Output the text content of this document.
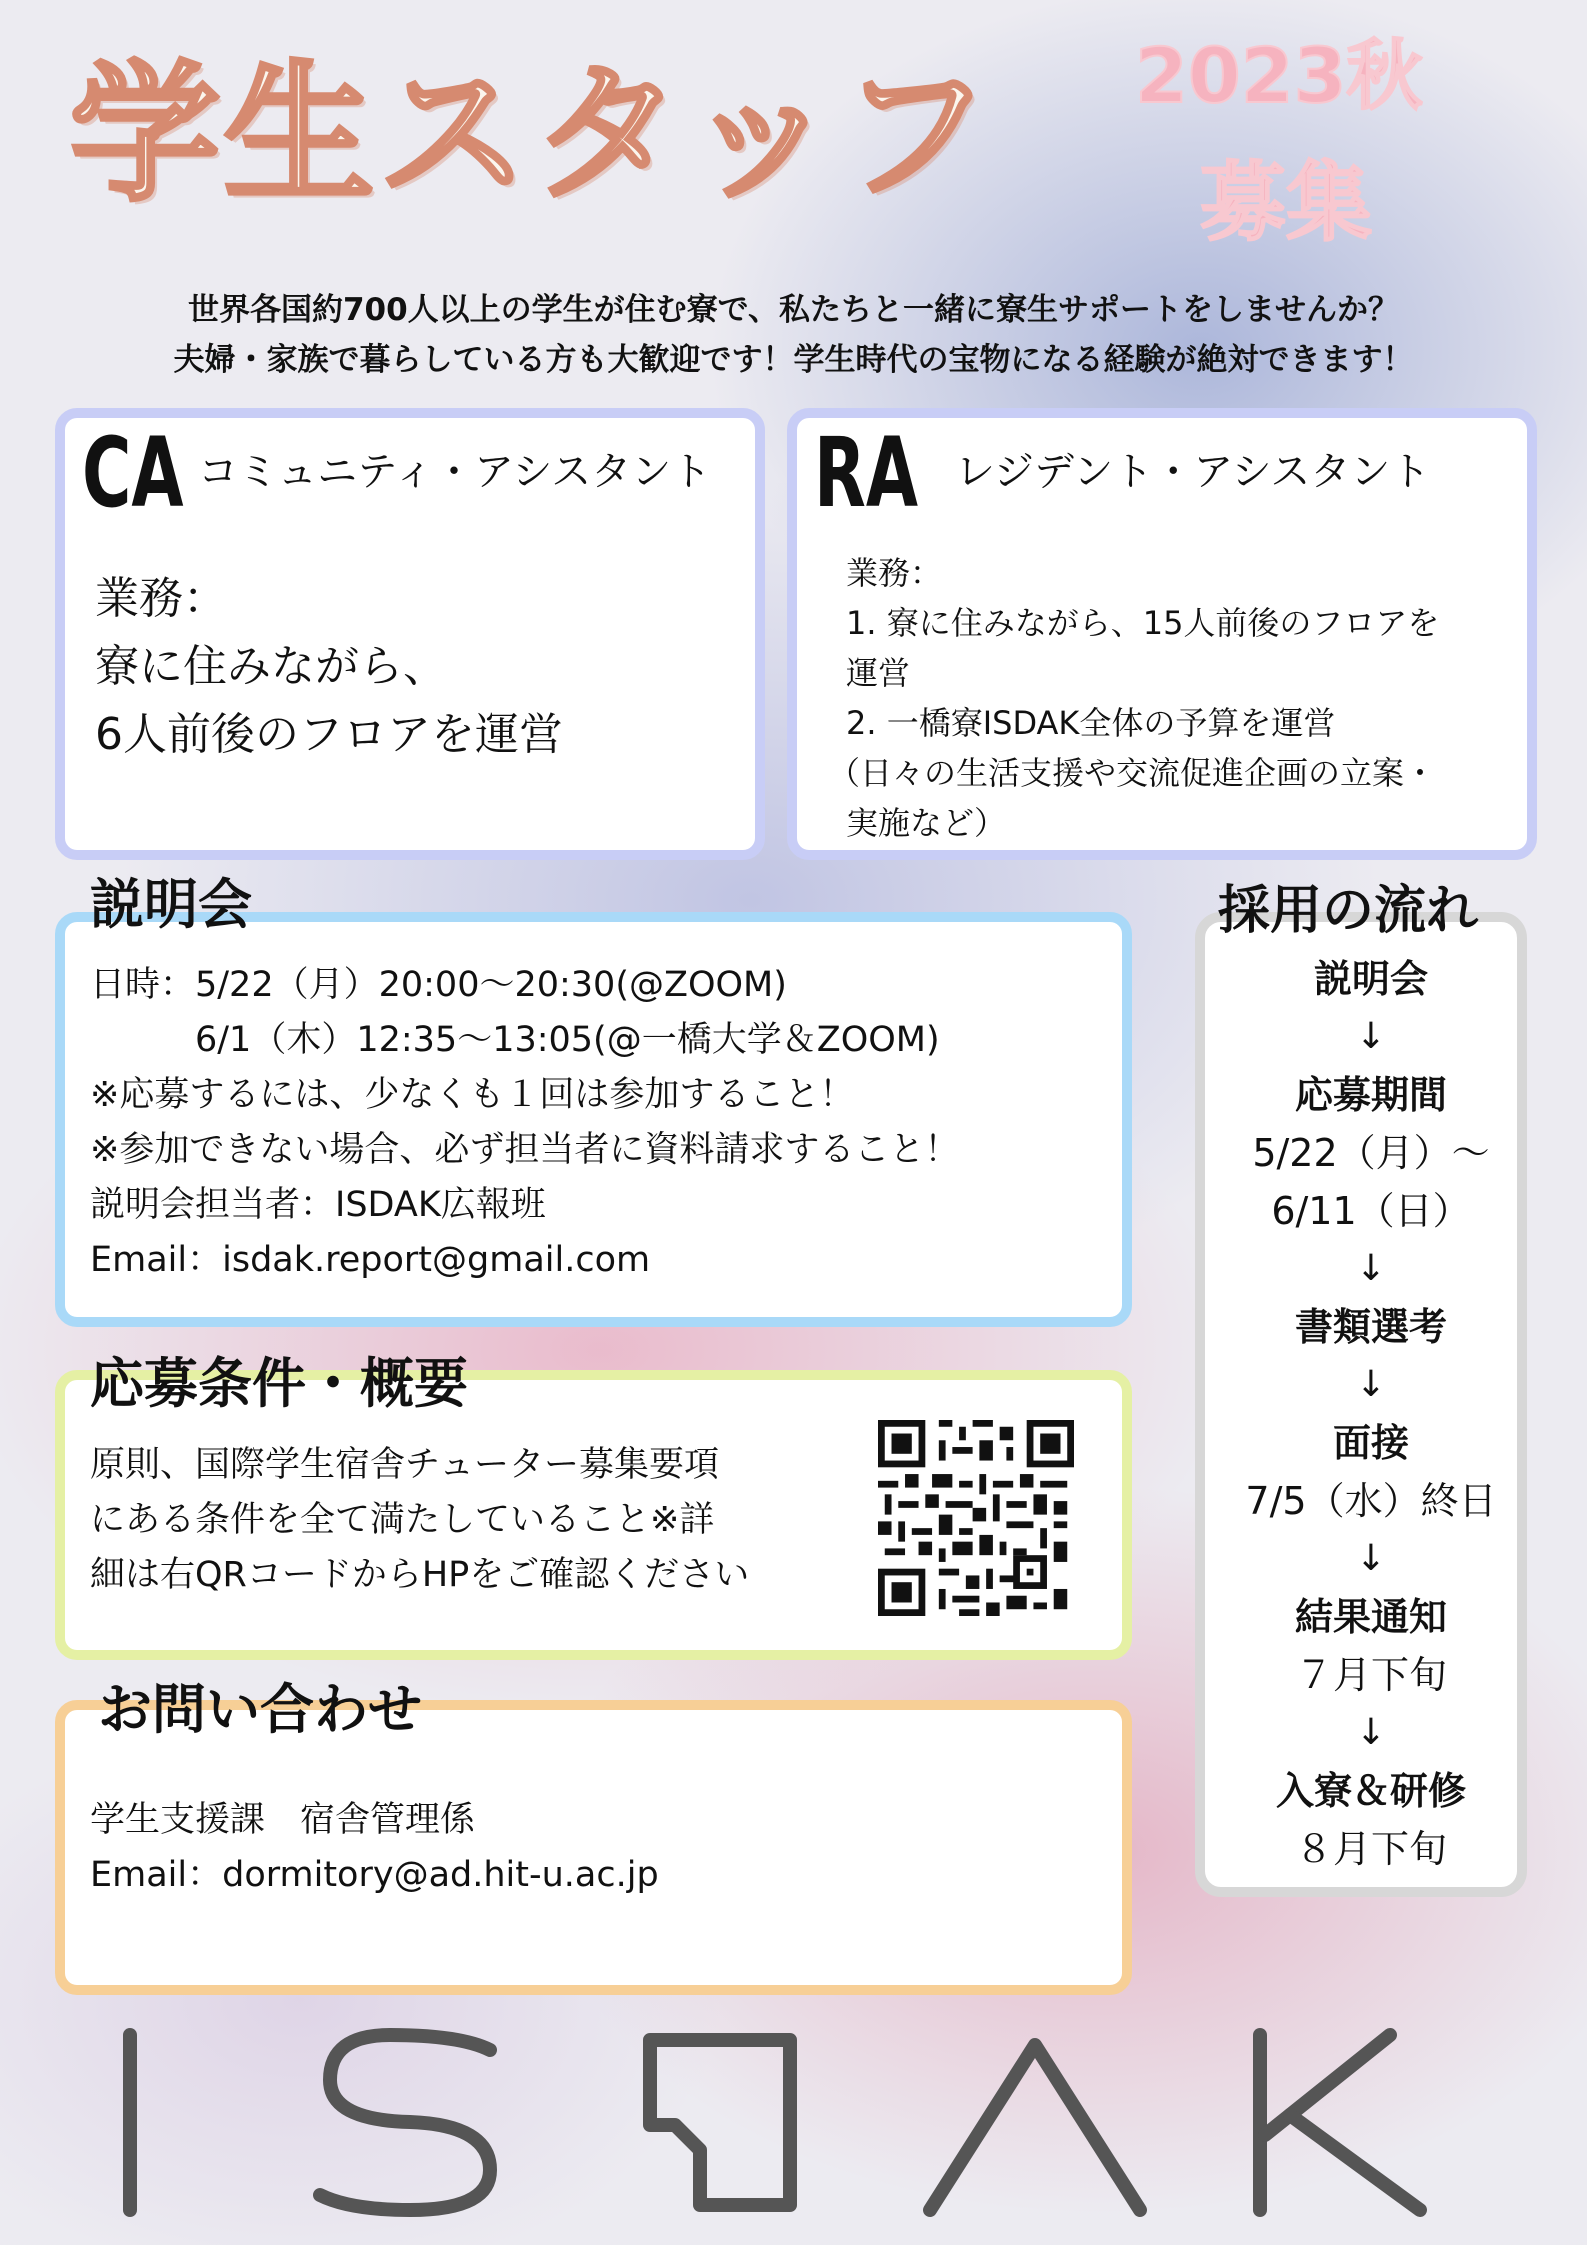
学生スタッフ 2023秋
募集
世界各国約700人以上の学生が住む寮で、私たちと一緒に寮生サポートをしませんか？
夫婦・家族で暮らしている方も大歓迎です！学生時代の宝物になる経験が絶対できます！
CA コミュニティ・アシスタント
業務：
寮に住みながら、
6人前後のフロアを運営
RA レジデント・アシスタント
業務：
1. 寮に住みながら、15人前後のフロアを
運営
2. 一橋寮ISDAK全体の予算を運営
（日々の生活支援や交流促進企画の立案・
実施など）
説明会
日時：5/22（月）20:00〜20:30(@ZOOM)
　　　6/1（木）12:35〜13:05(@一橋大学＆ZOOM)
※応募するには、少なくも１回は参加すること！
※参加できない場合、必ず担当者に資料請求すること！
説明会担当者：ISDAK広報班
Email：isdak.report@gmail.com
応募条件・概要
原則、国際学生宿舎チューター募集要項
にある条件を全て満たしていること※詳
細は右QRコードからHPをご確認ください
お問い合わせ
学生支援課　宿舎管理係
Email：dormitory@ad.hit-u.ac.jp
採用の流れ
説明会
↓
応募期間
5/22（月）〜
6/11（日）
↓
書類選考
↓
面接
7/5（水）終日
↓
結果通知
７月下旬
↓
入寮＆研修
８月下旬
